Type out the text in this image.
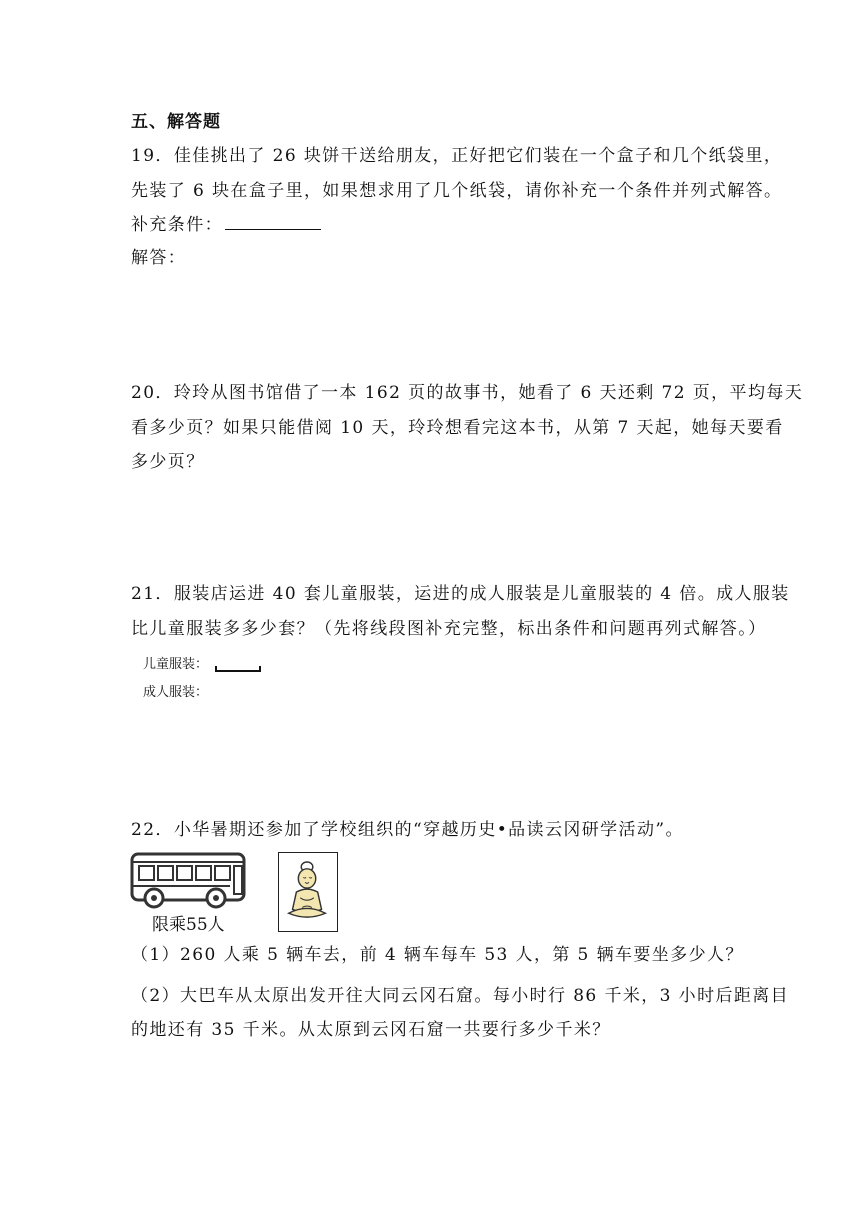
五、解答题
19．佳佳挑出了 26 块饼干送给朋友，正好把它们装在一个盒子和几个纸袋里，
先装了 6 块在盒子里，如果想求用了几个纸袋，请你补充一个条件并列式解答。
补充条件：
解答：
20．玲玲从图书馆借了一本 162 页的故事书，她看了 6 天还剩 72 页，平均每天
看多少页？如果只能借阅 10 天，玲玲想看完这本书，从第 7 天起，她每天要看
多少页？
21．服装店运进 40 套儿童服装，运进的成人服装是儿童服装的 4 倍。成人服装
比儿童服装多多少套？（先将线段图补充完整，标出条件和问题再列式解答。）
儿童服装：
成人服装：
22．小华暑期还参加了学校组织的“穿越历史•品读云冈研学活动”。
限乘55人
（1）260 人乘 5 辆车去，前 4 辆车每车 53 人，第 5 辆车要坐多少人？
（2）大巴车从太原出发开往大同云冈石窟。每小时行 86 千米，3 小时后距离目
的地还有 35 千米。从太原到云冈石窟一共要行多少千米？
